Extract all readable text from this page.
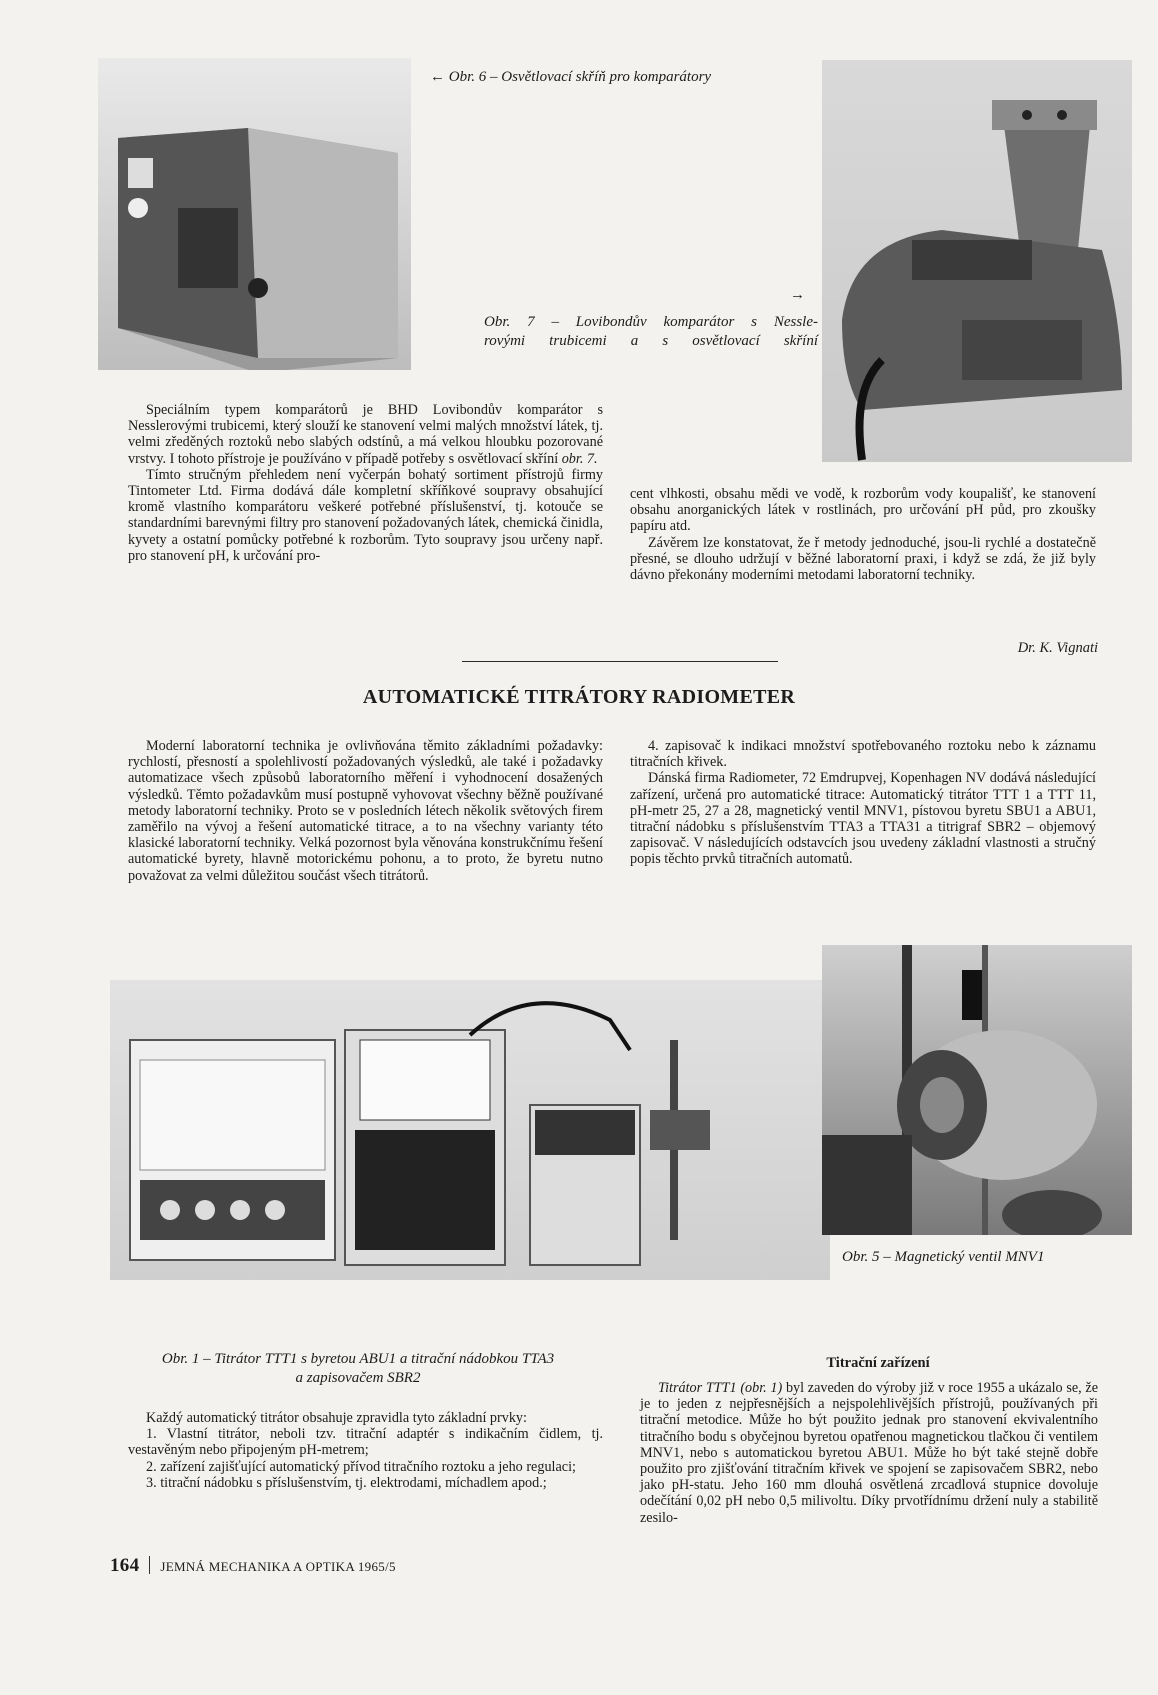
← Obr. 6 – Osvětlovací skříň pro komparátory
→
Obr. 7 – Lovibondův komparátor s Nessle-
rovými trubicemi a s osvětlovací skříní

Speciálním typem komparátorů je BHD Lovibondův komparátor s Nesslerovými trubicemi, který slouží ke stanovení velmi malých množství látek, tj. velmi zředěných roztoků nebo slabých odstínů, a má velkou hloubku pozorované vrstvy. I tohoto přístroje je používáno v případě potřeby s osvětlovací skříní obr. 7.

Tímto stručným přehledem není vyčerpán bohatý sortiment přístrojů firmy Tintometer Ltd. Firma dodává dále kompletní skříňkové soupravy obsahující kromě vlastního komparátoru veškeré potřebné příslušenství, tj. kotouče se standardními barevnými filtry pro stanovení požadovaných látek, chemická činidla, kyvety a ostatní pomůcky potřebné k rozborům. Tyto soupravy jsou určeny např. pro stanovení pH, k určování pro-

cent vlhkosti, obsahu mědi ve vodě, k rozborům vody koupališť, ke stanovení obsahu anorganických látek v rostlinách, pro určování pH půd, pro zkoušky papíru atd.

Závěrem lze konstatovat, že ř metody jednoduché, jsou-li rychlé a dostatečně přesné, se dlouho udržují v běžné laboratorní praxi, i když se zdá, že již byly dávno překonány moderními metodami laboratorní techniky.

Dr. K. Vignati
AUTOMATICKÉ TITRÁTORY RADIOMETER

Moderní laboratorní technika je ovlivňována těmito základními požadavky: rychlostí, přesností a spolehlivostí požadovaných výsledků, ale také i požadavky automatizace všech způsobů laboratorního měření i vyhodnocení dosažených výsledků. Těmto požadavkům musí postupně vyhovovat všechny běžně používané metody laboratorní techniky. Proto se v posledních létech několik světových firem zaměřilo na vývoj a řešení automatické titrace, a to na všechny varianty této klasické laboratorní techniky. Velká pozornost byla věnována konstrukčnímu řešení automatické byrety, hlavně motorickému pohonu, a to proto, že byretu nutno považovat za velmi důležitou součást všech titrátorů.

4. zapisovač k indikaci množství spotřebovaného roztoku nebo k záznamu titračních křivek.

Dánská firma Radiometer, 72 Emdrupvej, Kopenhagen NV dodává následující zařízení, určená pro automatické titrace: Automatický titrátor TTT 1 a TTT 11, pH-metr 25, 27 a 28, magnetický ventil MNV1, pístovou byretu SBU1 a ABU1, titrační nádobku s příslušenstvím TTA3 a TTA31 a titrigraf SBR2 – objemový zapisovač. V následujících odstavcích jsou uvedeny základní vlastnosti a stručný popis těchto prvků titračních automatů.

Obr. 5 – Magnetický ventil MNV1
Obr. 1 – Titrátor TTT1 s byretou ABU1 a titrační nádobkou TTA3
a zapisovačem SBR2

Každý automatický titrátor obsahuje zpravidla tyto základní prvky:

1. Vlastní titrátor, neboli tzv. titrační adaptér s indikačním čidlem, tj. vestavěným nebo připojeným pH-metrem;

2. zařízení zajišťující automatický přívod titračního roztoku a jeho regulaci;

3. titrační nádobku s příslušenstvím, tj. elektrodami, míchadlem apod.;

Titrační zařízení

Titrátor TTT1 (obr. 1) byl zaveden do výroby již v roce 1955 a ukázalo se, že je to jeden z nejpřesnějších a nejspolehlivějších přístrojů, používaných při titrační metodice. Může ho být použito jednak pro stanovení ekvivalentního titračního bodu s obyčejnou byretou opatřenou magnetickou tlačkou či ventilem MNV1, nebo s automatickou byretou ABU1. Může ho být také stejně dobře použito pro zjišťování titračním křivek ve spojení se zapisovačem SBR2, nebo jako pH-statu. Jeho 160 mm dlouhá osvětlená zrcadlová stupnice dovoluje odečítání 0,02 pH nebo 0,5 milivoltu. Díky prvotřídnímu držení nuly a stabilitě zesilo-

164 JEMNÁ MECHANIKA A OPTIKA 1965/5
